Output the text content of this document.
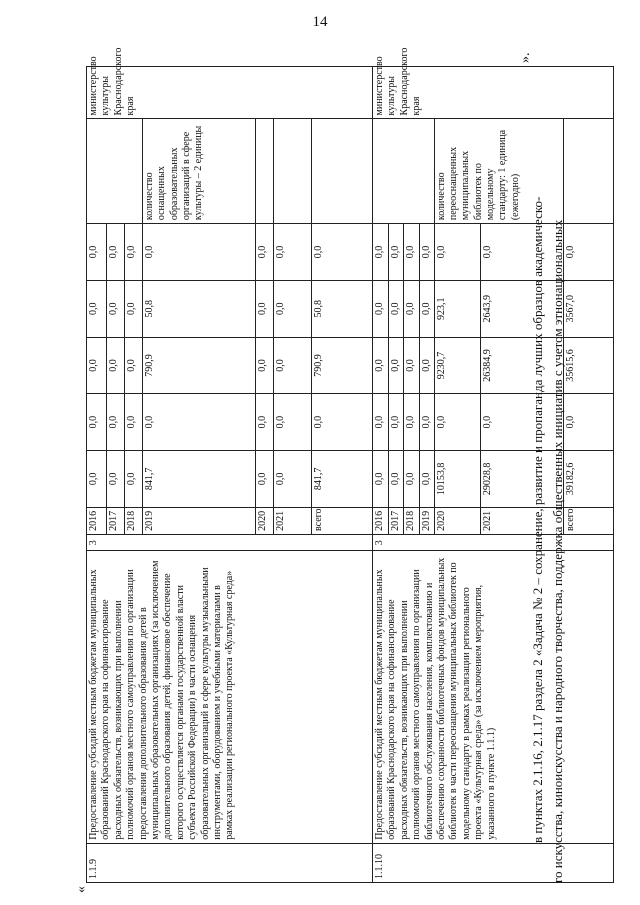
14
«
1.1.9	Предоставление субсидий местным бюджетам муниципальных образований Краснодарского края на софинансирование расходных обязательств, возникающих при выполнении полномочий органов местного самоуправления по организации предоставления дополнительного образования детей в муниципальных образовательных организациях (за исключением дополнительного образования детей, финансовое обеспечение которого осуществляется органами государственной власти субъекта Российской Федерации) в части оснащения образовательных организаций в сфере культуры музыкальными инструментами, оборудованием и учебными материалами в рамках реализации регионального проекта «Культурная среда»	3	2016	0,0	0,0	0,0	0,0	0,0		министерство культуры Краснодарского края
			2017	0,0	0,0	0,0	0,0	0,0		
			2018	0,0	0,0	0,0	0,0	0,0		
			2019	841,7	0,0	790,9	50,8	0,0	количество оснащенных образовательных организаций в сфере культуры – 2 единицы	
			2020	0,0	0,0	0,0	0,0	0,0		
			2021	0,0	0,0	0,0	0,0	0,0		
			всего	841,7	0,0	790,9	50,8	0,0		
1.1.10	Предоставление субсидий местным бюджетам муниципальных образований Краснодарского края на софинансирование расходных обязательств, возникающих при выполнении полномочий органов местного самоуправления по организации библиотечного обслуживания населения, комплектованию и обеспечению сохранности библиотечных фондов муниципальных библиотек в части переоснащения муниципальных библиотек по модельному стандарту в рамках реализации регионального проекта «Культурная среда» (за исключением мероприятия, указанного в пункте 1.1.1)	3	2016	0,0	0,0	0,0	0,0	0,0		министерство культуры Краснодарского края
			2017	0,0	0,0	0,0	0,0	0,0		
			2018	0,0	0,0	0,0	0,0	0,0		
			2019	0,0	0,0	0,0	0,0	0,0		
			2020	10153,8	0,0	9230,7	923,1	0,0	количество переоснащенных муниципальных библиотек по модельному стандарту: 1 единица (ежегодно)	
			2021	29028,8	0,0	26384,9	2643,9	0,0		
			всего	39182,6	0,0	35615,6	3567,0	0,0		

в пунктах 2.1.16, 2.1.17 раздела 2 «Задача № 2 – сохранение, развитие и пропаганда лучших образцов академическо- го искусства, киноискусства и народного творчества, поддержка общественных инициатив с учетом этнонациональных

».
